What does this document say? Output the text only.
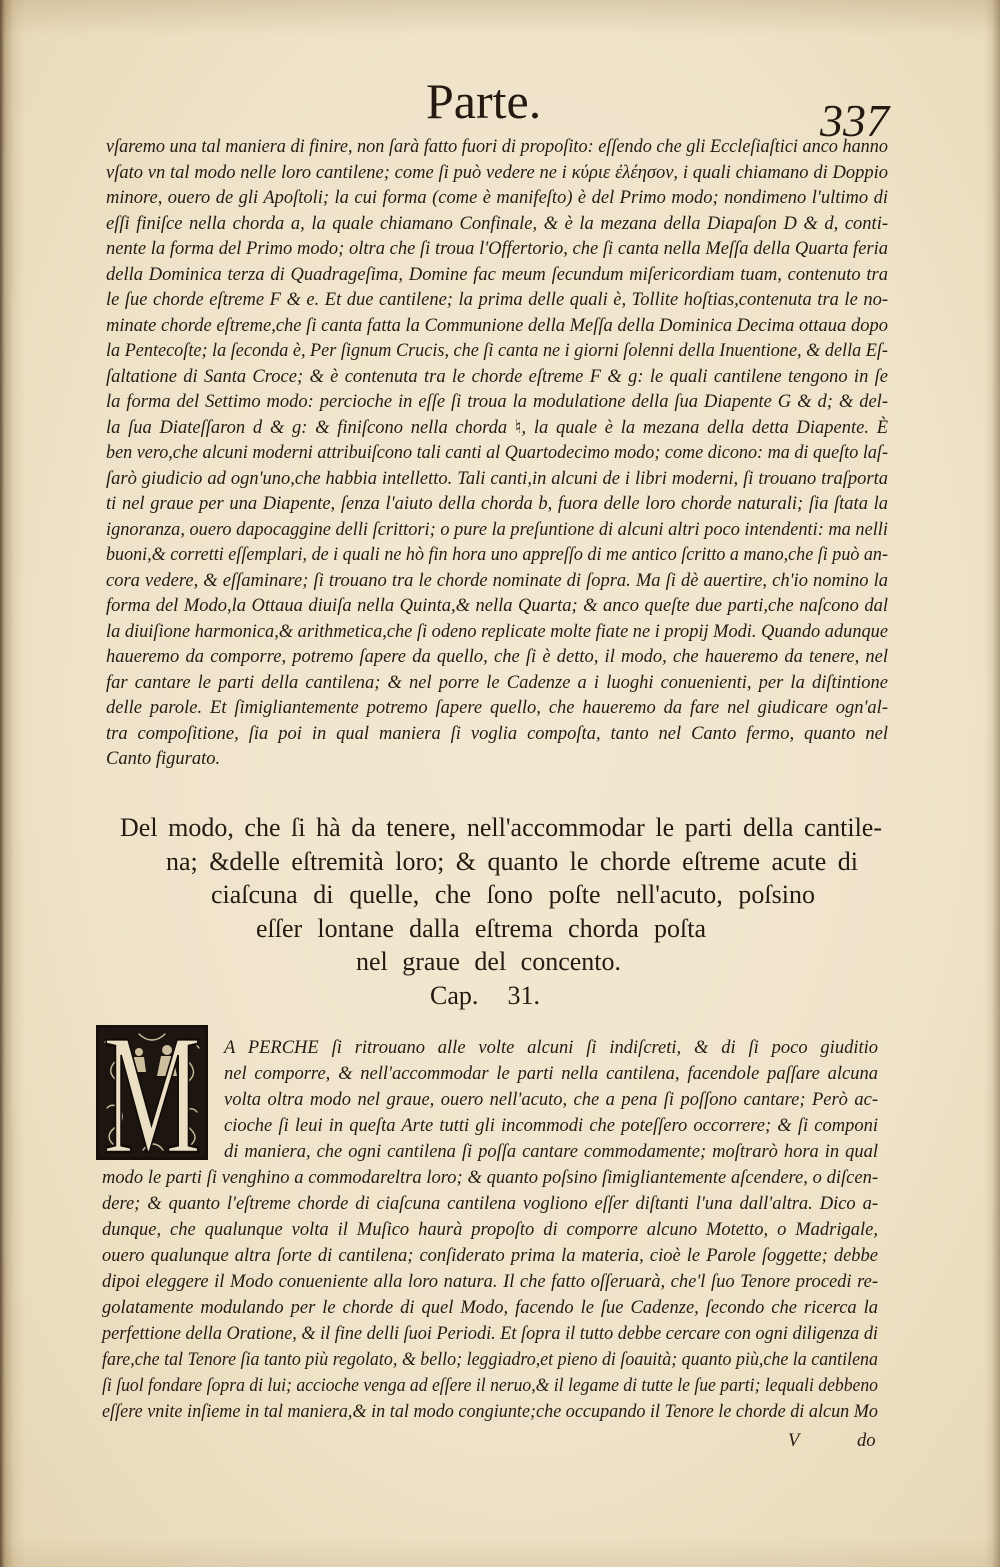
Parte.	337
vſaremo una tal maniera di finire, non ſarà fatto fuori di propoſito: eſſendo che gli Eccleſiaſtici anco hanno
vſato vn tal modo nelle loro cantilene; come ſi può vedere ne i κύριε ἐλέησον, i quali chiamano di Doppio
minore, ouero de gli Apoſtoli; la cui forma (come è manifeſto) è del Primo modo; nondimeno l'ultimo di
eſſi finiſce nella chorda a, la quale chiamano Confinale, & è la mezana della Diapaſon D & d, conti-
nente la forma del Primo modo; oltra che ſi troua l'Offertorio, che ſi canta nella Meſſa della Quarta feria
della Dominica terza di Quadrageſima, Domine fac meum ſecundum miſericordiam tuam, contenuto tra
le ſue chorde eſtreme F & e. Et due cantilene; la prima delle quali è, Tollite hoſtias,contenuta tra le no-
minate chorde eſtreme,che ſi canta fatta la Communione della Meſſa della Dominica Decima ottaua dopo
la Pentecoſte; la ſeconda è, Per ſignum Crucis, che ſi canta ne i giorni ſolenni della Inuentione, & della Eſ-
ſaltatione di Santa Croce; & è contenuta tra le chorde eſtreme F & g: le quali cantilene tengono in ſe
la forma del Settimo modo: percioche in eſſe ſi troua la modulatione della ſua Diapente G & d; & del-
la ſua Diateſſaron d & g: & finiſcono nella chorda ♮, la quale è la mezana della detta Diapente. È
ben vero,che alcuni moderni attribuiſcono tali canti al Quartodecimo modo; come dicono: ma di queſto laſ-
ſarò giudicio ad ogn'uno,che habbia intelletto. Tali canti,in alcuni de i libri moderni, ſi trouano traſporta
ti nel graue per una Diapente, ſenza l'aiuto della chorda b, fuora delle loro chorde naturali; ſia ſtata la
ignoranza, ouero dapocaggine delli ſcrittori; o pure la preſuntione di alcuni altri poco intendenti: ma nelli
buoni,& corretti eſſemplari, de i quali ne hò fin hora uno appreſſo di me antico ſcritto a mano,che ſi può an-
cora vedere, & eſſaminare; ſi trouano tra le chorde nominate di ſopra. Ma ſi dè auertire, ch'io nomino la
forma del Modo,la Ottaua diuiſa nella Quinta,& nella Quarta; & anco queſte due parti,che naſcono dal
la diuiſione harmonica,& arithmetica,che ſi odeno replicate molte fiate ne i propij Modi. Quando adunque
haueremo da comporre, potremo ſapere da quello, che ſi è detto, il modo, che haueremo da tenere, nel
far cantare le parti della cantilena; & nel porre le Cadenze a i luoghi conuenienti, per la diſtintione
delle parole. Et ſimigliantemente potremo ſapere quello, che haueremo da fare nel giudicare ogn'al-
tra compoſitione, ſia poi in qual maniera ſi voglia compoſta, tanto nel Canto fermo, quanto nel
Canto figurato.
Del modo, che ſi hà da tenere, nell'accommodar le parti della cantile-
na; &delle eſtremità loro; & quanto le chorde eſtreme acute di
ciaſcuna di quelle, che ſono poſte nell'acuto, poſsino
eſſer lontane dalla eſtrema chorda poſta
nel graue del concento.
Cap. 31.
M A PERCHE ſi ritrouano alle volte alcuni ſi indiſcreti, & di ſi poco giuditio
nel comporre, & nell'accommodar le parti nella cantilena, facendole paſſare alcuna
volta oltra modo nel graue, ouero nell'acuto, che a pena ſi poſſono cantare; Però ac-
cioche ſi leui in queſta Arte tutti gli incommodi che poteſſero occorrere; & ſi componi
di maniera, che ogni cantilena ſi poſſa cantare commodamente; moſtrarò hora in qual
modo le parti ſi venghino a commodareltra loro; & quanto poſsino ſimigliantemente aſcendere, o diſcen-
dere; & quanto l'eſtreme chorde di ciaſcuna cantilena vogliono eſſer diſtanti l'una dall'altra. Dico a-
dunque, che qualunque volta il Muſico haurà propoſto di comporre alcuno Motetto, o Madrigale,
ouero qualunque altra ſorte di cantilena; conſiderato prima la materia, cioè le Parole ſoggette; debbe
dipoi eleggere il Modo conueniente alla loro natura. Il che fatto oſſeruarà, che'l ſuo Tenore procedi re-
golatamente modulando per le chorde di quel Modo, facendo le ſue Cadenze, ſecondo che ricerca la
perfettione della Oratione, & il fine delli ſuoi Periodi. Et ſopra il tutto debbe cercare con ogni diligenza di
fare,che tal Tenore ſia tanto più regolato, & bello; leggiadro,et pieno di ſoauità; quanto più,che la cantilena
ſi ſuol fondare ſopra di lui; accioche venga ad eſſere il neruo,& il legame di tutte le ſue parti; lequali debbeno
eſſere vnite inſieme in tal maniera,& in tal modo congiunte;che occupando il Tenore le chorde di alcun Mo
V	do
